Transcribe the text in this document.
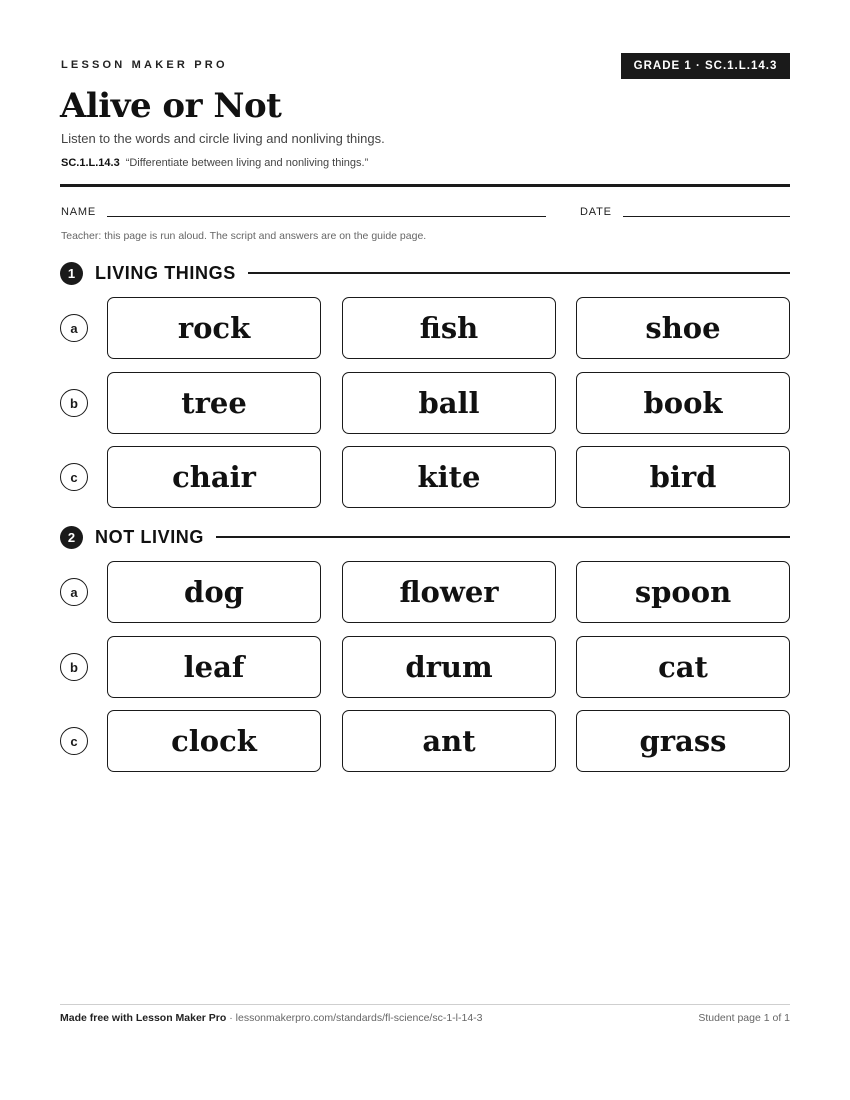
LESSON MAKER PRO	GRADE 1 · SC.1.L.14.3
Alive or Not
Listen to the words and circle living and nonliving things.
SC.1.L.14.3 “Differentiate between living and nonliving things.”
NAME	DATE
Teacher: this page is run aloud. The script and answers are on the guide page.
1	LIVING THINGS
a	rock	fish	shoe
b	tree	ball	book
c	chair	kite	bird
2	NOT LIVING
a	dog	flower	spoon
b	leaf	drum	cat
c	clock	ant	grass
Made free with Lesson Maker Pro · lessonmakerpro.com/standards/fl-science/sc-1-l-14-3	Student page 1 of 1
